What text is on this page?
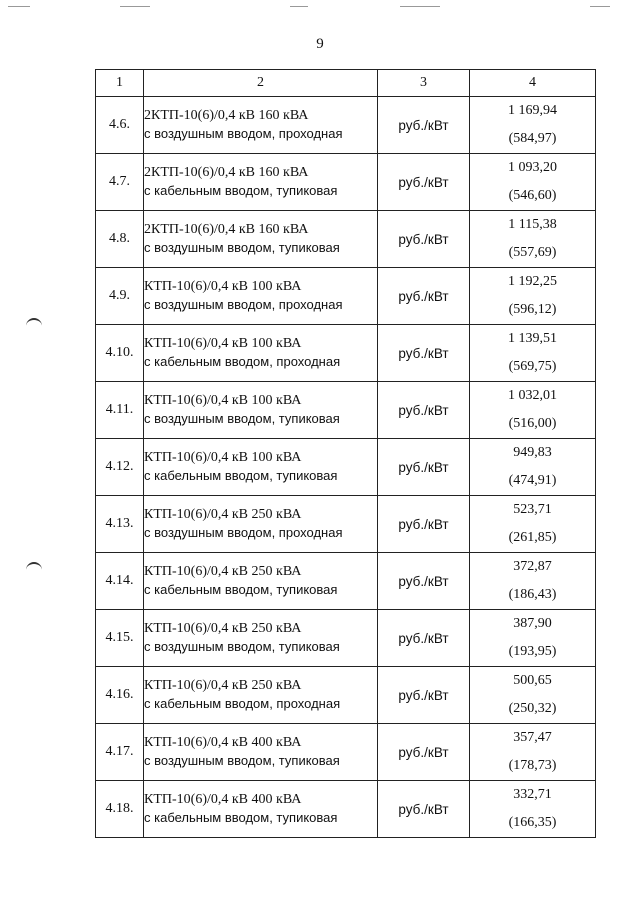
9
1	2	3	4
4.6.	2КТП-10(6)/0,4 кВ 160 кВА
с воздушным вводом, проходная	руб./кВт	1 169,94
(584,97)

4.7.	2КТП-10(6)/0,4 кВ 160 кВА
с кабельным вводом, тупиковая	руб./кВт	1 093,20
(546,60)

4.8.	2КТП-10(6)/0,4 кВ 160 кВА
с воздушным вводом, тупиковая	руб./кВт	1 115,38
(557,69)

4.9.	КТП-10(6)/0,4 кВ 100 кВА
с воздушным вводом, проходная	руб./кВт	1 192,25
(596,12)

4.10.	КТП-10(6)/0,4 кВ 100 кВА
с кабельным вводом, проходная	руб./кВт	1 139,51
(569,75)

4.11.	КТП-10(6)/0,4 кВ 100 кВА
с воздушным вводом, тупиковая	руб./кВт	1 032,01
(516,00)

4.12.	КТП-10(6)/0,4 кВ 100 кВА
с кабельным вводом, тупиковая	руб./кВт	949,83
(474,91)

4.13.	КТП-10(6)/0,4 кВ 250 кВА
с воздушным вводом, проходная	руб./кВт	523,71
(261,85)

4.14.	КТП-10(6)/0,4 кВ 250 кВА
с кабельным вводом, тупиковая	руб./кВт	372,87
(186,43)

4.15.	КТП-10(6)/0,4 кВ 250 кВА
с воздушным вводом, тупиковая	руб./кВт	387,90
(193,95)

4.16.	КТП-10(6)/0,4 кВ 250 кВА
с кабельным вводом, проходная	руб./кВт	500,65
(250,32)

4.17.	КТП-10(6)/0,4 кВ 400 кВА
с воздушным вводом, тупиковая	руб./кВт	357,47
(178,73)

4.18.	КТП-10(6)/0,4 кВ 400 кВА
с кабельным вводом, тупиковая	руб./кВт	332,71
(166,35)
